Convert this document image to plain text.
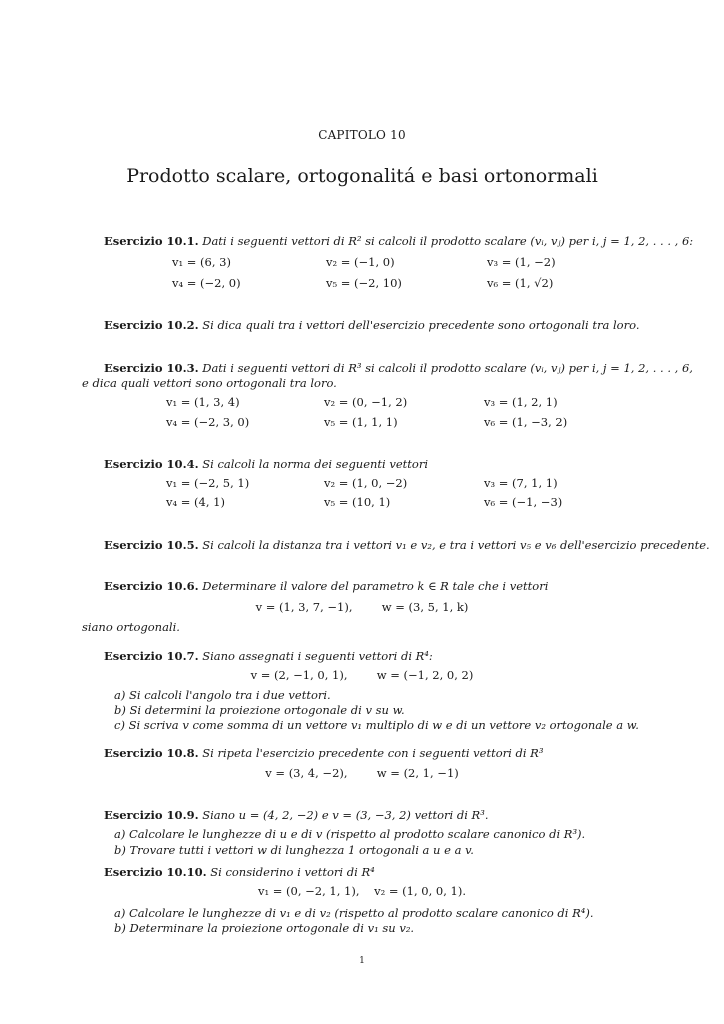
CAPITOLO 10
Prodotto scalare, ortogonalitá e basi ortonormali
Esercizio 10.1. Dati i seguenti vettori di R² si calcoli il prodotto scalare (vᵢ, vⱼ) per i, j = 1, 2, . . . , 6:
v₁ = (6, 3)	v₂ = (−1, 0)	v₃ = (1, −2)
v₄ = (−2, 0)	v₅ = (−2, 10)	v₆ = (1, √2)
Esercizio 10.2. Si dica quali tra i vettori dell'esercizio precedente sono ortogonali tra loro.
Esercizio 10.3. Dati i seguenti vettori di R³ si calcoli il prodotto scalare (vᵢ, vⱼ) per i, j = 1, 2, . . . , 6,
e dica quali vettori sono ortogonali tra loro.
v₁ = (1, 3, 4)	v₂ = (0, −1, 2)	v₃ = (1, 2, 1)
v₄ = (−2, 3, 0)	v₅ = (1, 1, 1)	v₆ = (1, −3, 2)
Esercizio 10.4. Si calcoli la norma dei seguenti vettori
v₁ = (−2, 5, 1)	v₂ = (1, 0, −2)	v₃ = (7, 1, 1)
v₄ = (4, 1)	v₅ = (10, 1)	v₆ = (−1, −3)
Esercizio 10.5. Si calcoli la distanza tra i vettori v₁ e v₂, e tra i vettori v₅ e v₆ dell'esercizio precedente.
Esercizio 10.6. Determinare il valore del parametro k ∈ R tale che i vettori
v = (1, 3, 7, −1),        w = (3, 5, 1, k)
siano ortogonali.
Esercizio 10.7. Siano assegnati i seguenti vettori di R⁴:
v = (2, −1, 0, 1),        w = (−1, 2, 0, 2)
a) Si calcoli l'angolo tra i due vettori.
b) Si determini la proiezione ortogonale di v su w.
c) Si scriva v come somma di un vettore v₁ multiplo di w e di un vettore v₂ ortogonale a w.
Esercizio 10.8. Si ripeta l'esercizio precedente con i seguenti vettori di R³
v = (3, 4, −2),        w = (2, 1, −1)
Esercizio 10.9. Siano u = (4, 2, −2) e v = (3, −3, 2) vettori di R³.
a) Calcolare le lunghezze di u e di v (rispetto al prodotto scalare canonico di R³).
b) Trovare tutti i vettori w di lunghezza 1 ortogonali a u e a v.
Esercizio 10.10. Si considerino i vettori di R⁴
v₁ = (0, −2, 1, 1),    v₂ = (1, 0, 0, 1).
a) Calcolare le lunghezze di v₁ e di v₂ (rispetto al prodotto scalare canonico di R⁴).
b) Determinare la proiezione ortogonale di v₁ su v₂.
1
